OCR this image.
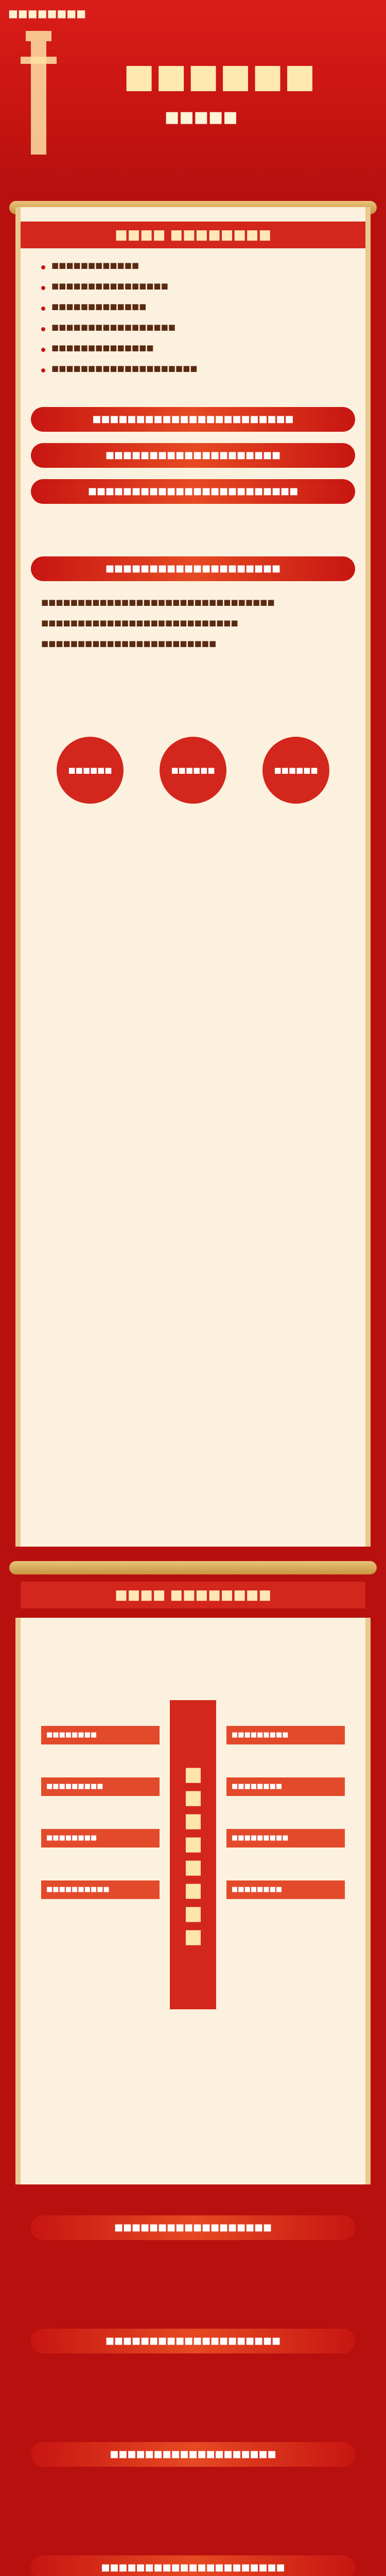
■■■■■■■■
■■■■■■
■■■■■
■■■■ ■■■■■■■■
■■■■■■■■■■■■
■■■■■■■■■■■■■■■■
■■■■■■■■■■■■■
■■■■■■■■■■■■■■■■■
■■■■■■■■■■■■■■
■■■■■■■■■■■■■■■■■■■■
■■■■■■■■■■■■■■■■■■■■■■■
■■■■■■■■■■■■■■■■■■■■
■■■■■■■■■■■■■■■■■■■■■■■■
■■■■■■■■■■■■■■■■■■■■
■■■■■■■■■■■■■■■■■■■■■■■■■■■■■■■■
■■■■■■■■■■■■■■■■■■■■■■■■■■■
■■■■■■■■■■■■■■■■■■■■■■■■
■■■■■■	■■■■■■	■■■■■■
■■■■ ■■■■■■■■
■■■■■■■■
■■■■■■■■
■■■■■■■■■
■■■■■■■■
■■■■■■■■■■
■■■■■■■■■
■■■■■■■■
■■■■■■■■■
■■■■■■■■
■■■■■■■■■■■■■■■■■■
■■■■■■■■■■■■■■■■■■■■
■■■■■■■■■■■■■■■■■■■
■■■■■■■■■■■■■■■■■■■■■
